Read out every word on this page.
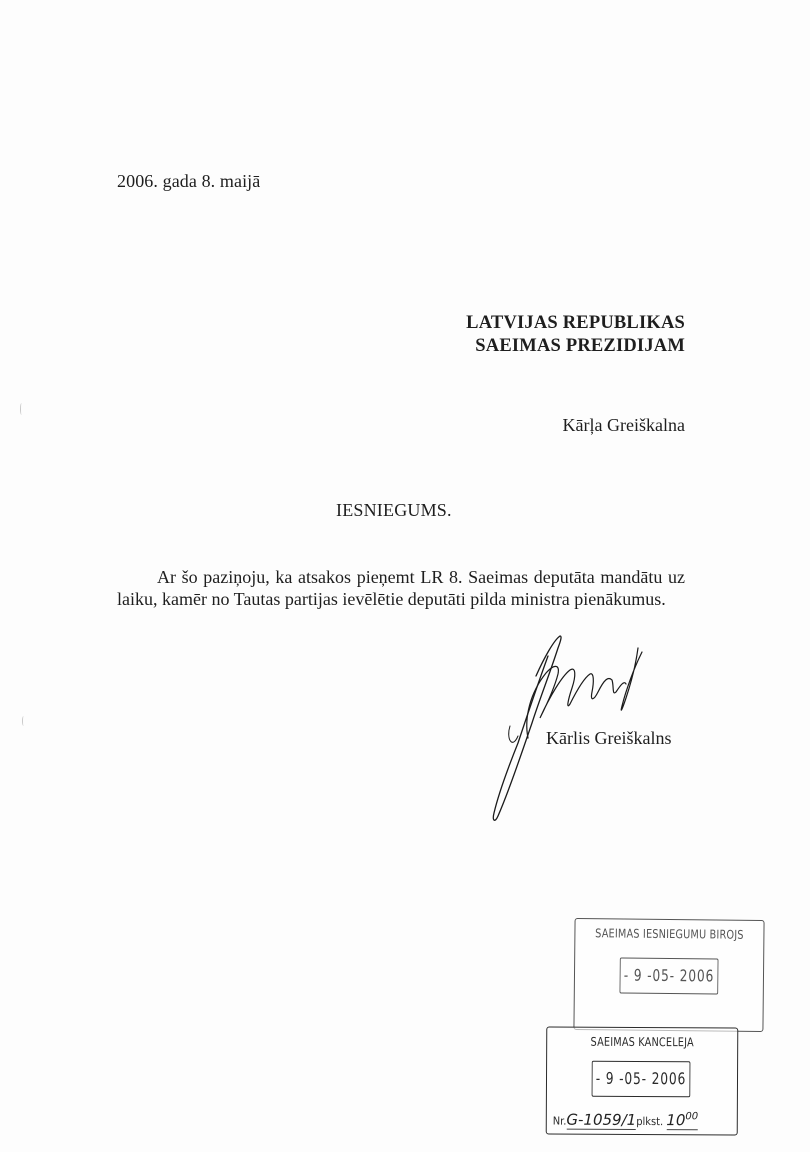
2006. gada 8. maijā
LATVIJAS REPUBLIKAS
SAEIMAS PREZIDIJAM
Kārļa Greiškalna
IESNIEGUMS.
Ar šo paziņoju, ka atsakos pieņemt LR 8. Saeimas deputāta mandātu uz laiku, kamēr no Tautas partijas ievēlētie deputāti pilda ministra pienākumus.
Kārlis Greiškalns
SAEIMAS IESNIEGUMU BIROJS
- 9 -05- 2006
SAEIMAS KANCELEJA
- 9 -05- 2006
Nr.G-1059/1plkst. $10^{00}$
